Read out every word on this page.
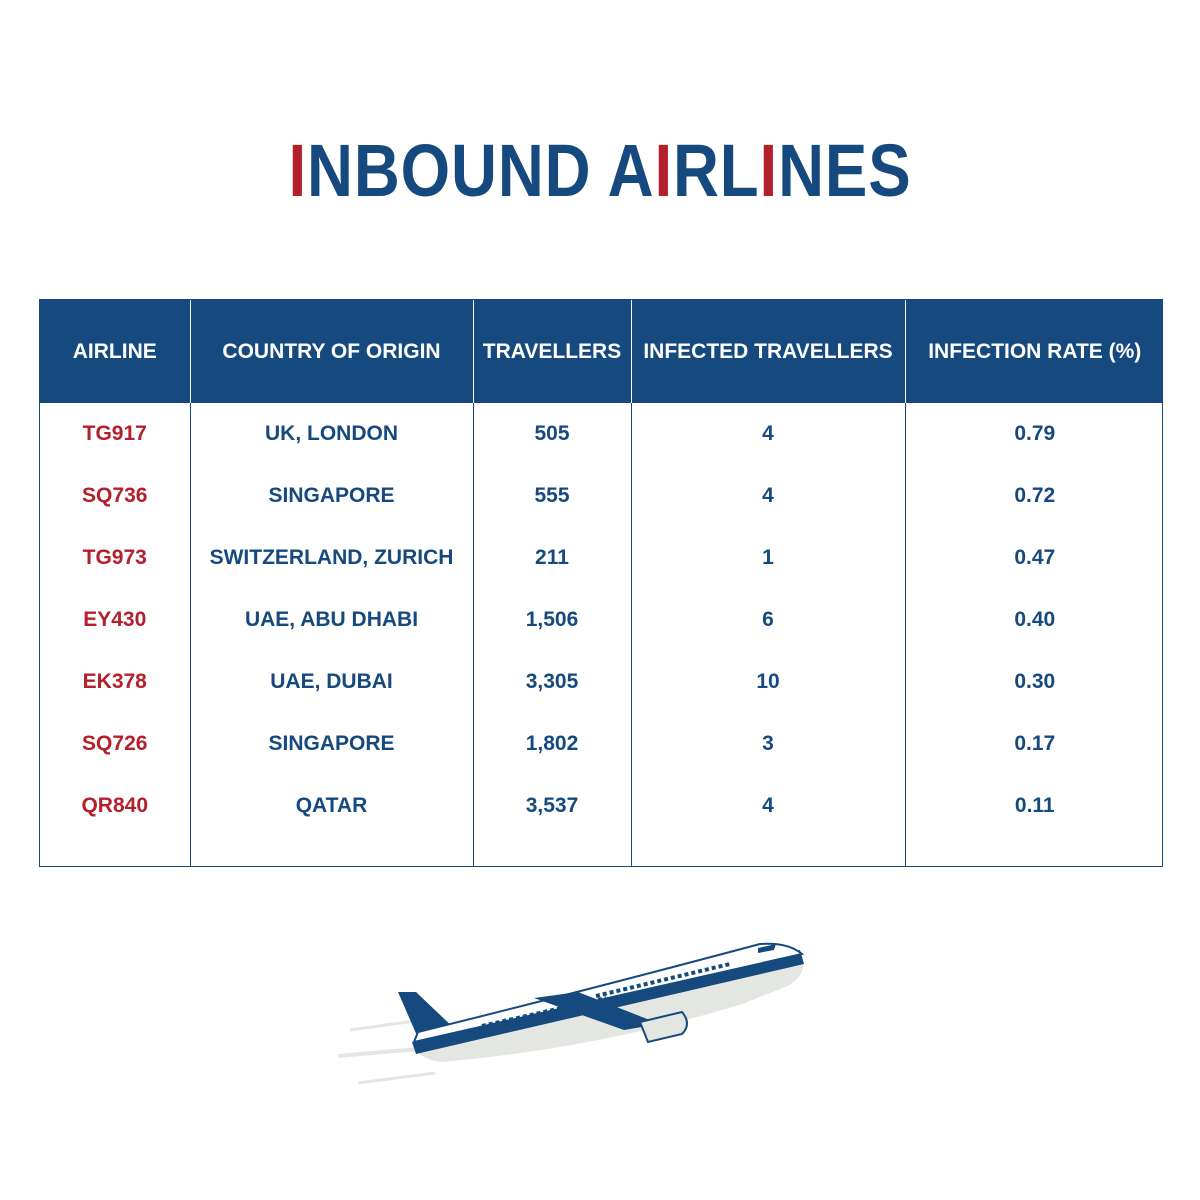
INBOUND AIRLINES
AIRLINE	COUNTRY OF ORIGIN	TRAVELLERS	INFECTED TRAVELLERS	INFECTION RATE (%)
TG917	UK, LONDON	505	4	0.79
SQ736	SINGAPORE	555	4	0.72
TG973	SWITZERLAND, ZURICH	211	1	0.47
EY430	UAE, ABU DHABI	1,506	6	0.40
EK378	UAE, DUBAI	3,305	10	0.30
SQ726	SINGAPORE	1,802	3	0.17
QR840	QATAR	3,537	4	0.11
